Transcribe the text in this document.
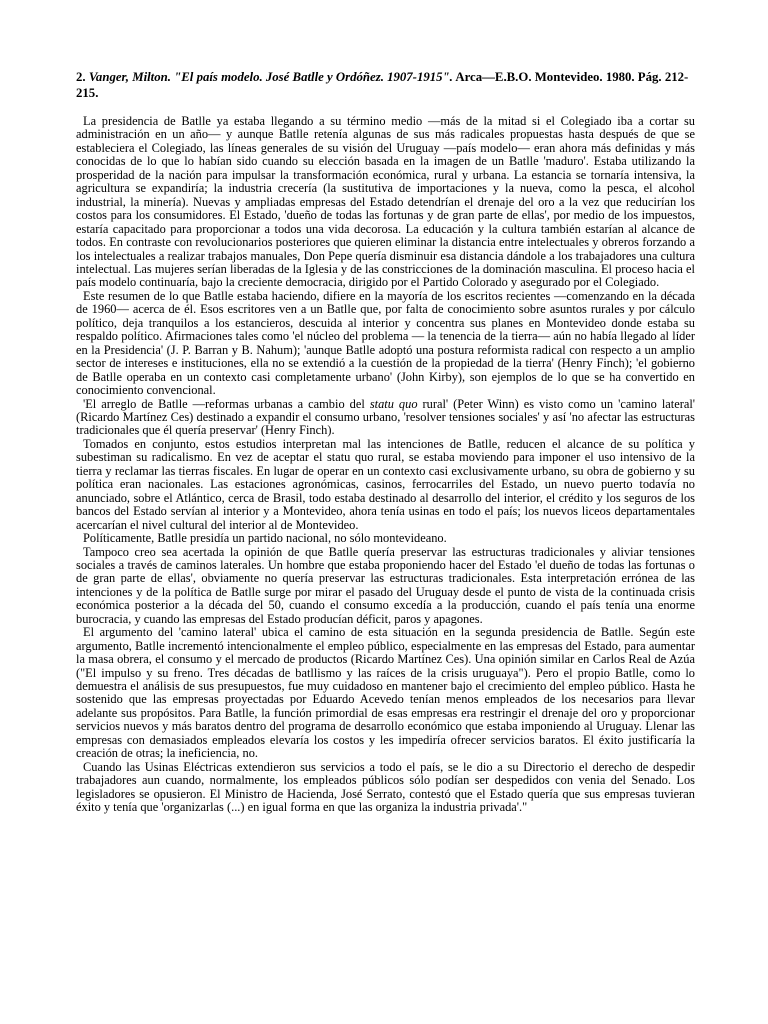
2. Vanger, Milton. "El país modelo. José Batlle y Ordóñez. 1907-1915". Arca—E.B.O. Montevideo. 1980. Pág. 212-215.

La presidencia de Batlle ya estaba llegando a su término medio —más de la mitad si el Colegiado iba a cortar su administración en un año— y aunque Batlle retenía algunas de sus más radicales propuestas hasta después de que se estableciera el Colegiado, las líneas generales de su visión del Uruguay —país modelo— eran ahora más definidas y más conocidas de lo que lo habían sido cuando su elección basada en la imagen de un Batlle 'maduro'. Estaba utilizando la prosperidad de la nación para impulsar la transformación económica, rural y urbana. La estancia se tornaría intensiva, la agricultura se expandiría; la industria crecería (la sustitutiva de importaciones y la nueva, como la pesca, el alcohol industrial, la minería). Nuevas y ampliadas empresas del Estado detendrían el drenaje del oro a la vez que reducirían los costos para los consumidores. El Estado, 'dueño de todas las fortunas y de gran parte de ellas', por medio de los impuestos, estaría capacitado para proporcionar a todos una vida decorosa. La educación y la cultura también estarían al alcance de todos. En contraste con revolucionarios posteriores que quieren eliminar la distancia entre intelectuales y obreros forzando a los intelectuales a realizar trabajos manuales, Don Pepe quería disminuir esa distancia dándole a los trabajadores una cultura intelectual. Las mujeres serían liberadas de la Iglesia y de las constricciones de la dominación masculina. El proceso hacia el país modelo continuaría, bajo la creciente democracia, dirigido por el Partido Colorado y asegurado por el Colegiado.

Este resumen de lo que Batlle estaba haciendo, difiere en la mayoría de los escritos recientes —comenzando en la década de 1960— acerca de él. Esos escritores ven a un Batlle que, por falta de conocimiento sobre asuntos rurales y por cálculo político, deja tranquilos a los estancieros, descuida al interior y concentra sus planes en Montevideo donde estaba su respaldo político. Afirmaciones tales como 'el núcleo del problema — la tenencia de la tierra— aún no había llegado al líder en la Presidencia' (J. P. Barran y B. Nahum); 'aunque Batlle adoptó una postura reformista radical con respecto a un amplio sector de intereses e instituciones, ella no se extendió a la cuestión de la propiedad de la tierra' (Henry Finch); 'el gobierno de Batlle operaba en un contexto casi completamente urbano' (John Kirby), son ejemplos de lo que se ha convertido en conocimiento convencional.

'El arreglo de Batlle —reformas urbanas a cambio del statu quo rural' (Peter Winn) es visto como un 'camino lateral' (Ricardo Martínez Ces) destinado a expandir el consumo urbano, 'resolver tensiones sociales' y así 'no afectar las estructuras tradicionales que él quería preservar' (Henry Finch).

Tomados en conjunto, estos estudios interpretan mal las intenciones de Batlle, reducen el alcance de su política y subestiman su radicalismo. En vez de aceptar el statu quo rural, se estaba moviendo para imponer el uso intensivo de la tierra y reclamar las tierras fiscales. En lugar de operar en un contexto casi exclusivamente urbano, su obra de gobierno y su política eran nacionales. Las estaciones agronómicas, casinos, ferrocarriles del Estado, un nuevo puerto todavía no anunciado, sobre el Atlántico, cerca de Brasil, todo estaba destinado al desarrollo del interior, el crédito y los seguros de los bancos del Estado servían al interior y a Montevideo, ahora tenía usinas en todo el país; los nuevos liceos departamentales acercarían el nivel cultural del interior al de Montevideo.

Políticamente, Batlle presidía un partido nacional, no sólo montevideano.

Tampoco creo sea acertada la opinión de que Batlle quería preservar las estructuras tradicionales y aliviar tensiones sociales a través de caminos laterales. Un hombre que estaba proponiendo hacer del Estado 'el dueño de todas las fortunas o de gran parte de ellas', obviamente no quería preservar las estructuras tradicionales. Esta interpretación errónea de las intenciones y de la política de Batlle surge por mirar el pasado del Uruguay desde el punto de vista de la continuada crisis económica posterior a la década del 50, cuando el consumo excedía a la producción, cuando el país tenía una enorme burocracia, y cuando las empresas del Estado producían déficit, paros y apagones.

El argumento del 'camino lateral' ubica el camino de esta situación en la segunda presidencia de Batlle. Según este argumento, Batlle incrementó intencionalmente el empleo público, especialmente en las empresas del Estado, para aumentar la masa obrera, el consumo y el mercado de productos (Ricardo Martínez Ces). Una opinión similar en Carlos Real de Azúa ("El impulso y su freno. Tres décadas de batllismo y las raíces de la crisis uruguaya"). Pero el propio Batlle, como lo demuestra el análisis de sus presupuestos, fue muy cuidadoso en mantener bajo el crecimiento del empleo público. Hasta he sostenido que las empresas proyectadas por Eduardo Acevedo tenían menos empleados de los necesarios para llevar adelante sus propósitos. Para Batlle, la función primordial de esas empresas era restringir el drenaje del oro y proporcionar servicios nuevos y más baratos dentro del programa de desarrollo económico que estaba imponiendo al Uruguay. Llenar las empresas con demasiados empleados elevaría los costos y les impediría ofrecer servicios baratos. El éxito justificaría la creación de otras; la ineficiencia, no.

Cuando las Usinas Eléctricas extendieron sus servicios a todo el país, se le dio a su Directorio el derecho de despedir trabajadores aun cuando, normalmente, los empleados públicos sólo podían ser despedidos con venia del Senado. Los legisladores se opusieron. El Ministro de Hacienda, José Serrato, contestó que el Estado quería que sus empresas tuvieran éxito y tenía que 'organizarlas (...) en igual forma en que las organiza la industria privada'."
